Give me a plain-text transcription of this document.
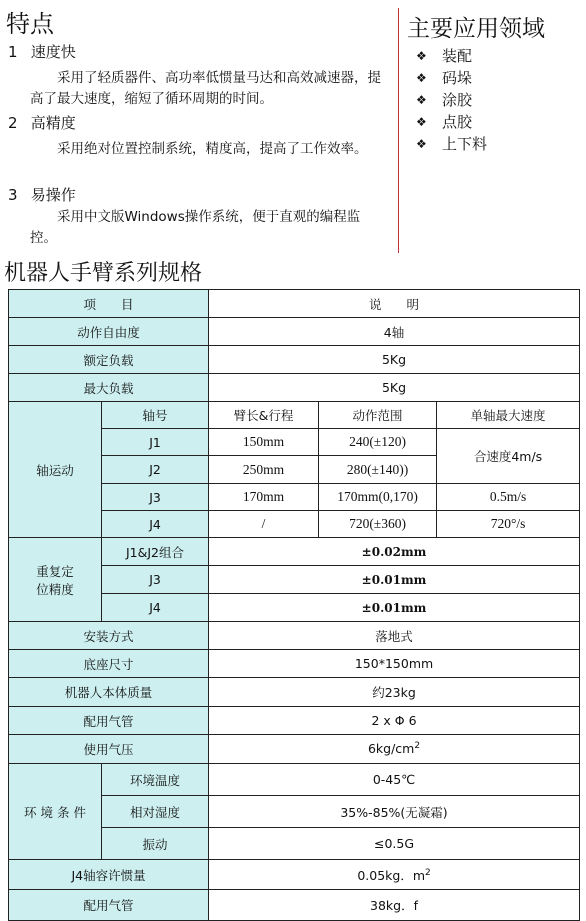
特点
1 速度快

采用了轻质器件、高功率低惯量马达和高效减速器，提高了最大速度，缩短了循环周期的时间。

2 高精度

采用绝对位置控制系统，精度高，提高了工作效率。

3 易操作

采用中文版Windows操作系统，便于直观的编程监控。

主要应用领域
❖	装配
❖	码垛
❖	涂胶
❖	点胶
❖	上下料
机器人手臂系列规格
项　　目		说　　明		
动作自由度		4轴		
额定负载		5Kg		
最大负载		5Kg		
轴运动	轴号	臂长&行程	动作范围	单轴最大速度
	J1	150mm	240(±120)	合速度4m/s
	J2	250mm	280(±140))	
	J3	170mm	170mm(0,170)	0.5m/s
	J4	/	720(±360)	720°/s
重复定
位精度	J1&J2组合	±0.02mm		
	J3	±0.01mm		
	J4	±0.01mm		
安装方式		落地式		
底座尺寸		150*150mm		
机器人本体质量		约23kg		
配用气管		2 x Φ 6		
使用气压		$6kg/cm^2$
环 境 条 件	环境温度	0-45℃		
	相对湿度	35%-85%(无凝霜)		
	振动	≤0.5G		
J4轴容许惯量		0.05kg．$m^2$
配用气管		38kg．f		
